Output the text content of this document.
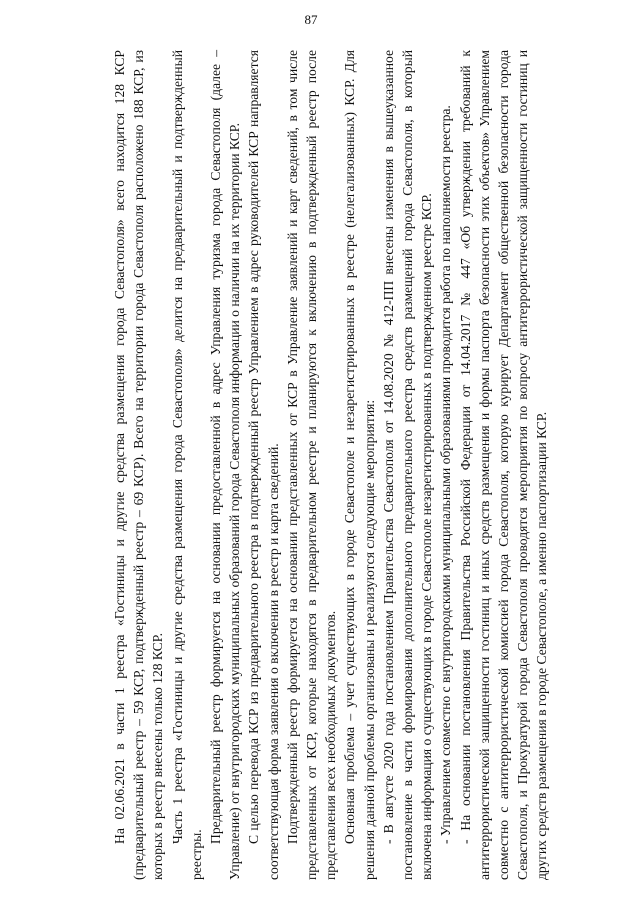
87

На 02.06.2021 в части 1 реестра «Гостиницы и другие средства размещения города Севастополя» всего находится 128 КСР (предварительный реестр – 59 КСР, подтвержденный реестр – 69 КСР). Всего на территории города Севастополя расположено 188 КСР, из которых в реестр внесены только 128 КСР. Часть 1 реестра «Гостиницы и другие средства размещения города Севастополя» делится на предварительный и подтвержденный реестры.

Предварительный реестр формируется на основании предоставленной в адрес Управления туризма города Севастополя (далее – Управление) от внутригородских муниципальных образований города Севастополя информации о наличии на их территории КСР. С целью перевода КСР из предварительного реестра в подтвержденный реестр Управлением в адрес руководителей КСР направляется соответствующая форма заявления о включении в реестр и карта сведений. Подтвержденный реестр формируется на основании представленных от КСР в Управление заявлений и карт сведений, в том числе представленных от КСР, которые находятся в предварительном реестре и планируются к включению в подтвержденный реестр после представления всех необходимых документов. Основная проблема – учет существующих в городе Севастополе и незарегистрированных в реестре (нелегализованных) КСР. Для решения данной проблемы организованы и реализуются следующие мероприятия: - В августе 2020 года постановлением Правительства Севастополя от 14.08.2020 № 412-ПП внесены изменения в вышеуказанное постановление в части формирования дополнительного предварительного реестра средств размещений города Севастополя, в который включена информация о существующих в городе Севастополе незарегистрированных в подтвержденном реестре КСР. - Управлением совместно с внутригородскими муниципальными образованиями проводится работа по наполняемости реестра. - На основании постановления Правительства Российской Федерации от 14.04.2017 № 447 «Об утверждении требований к антитеррористической защищенности гостиниц и иных средств размещения и формы паспорта безопасности этих объектов» Управлением совместно с антитеррористической комиссией города Севастополя, которую курирует Департамент общественной безопасности города Севастополя, и Прокуратурой города Севастополя проводятся мероприятия по вопросу антитеррористической защищенности гостиниц и других средств размещения в городе Севастополе, а именно паспортизации КСР.
